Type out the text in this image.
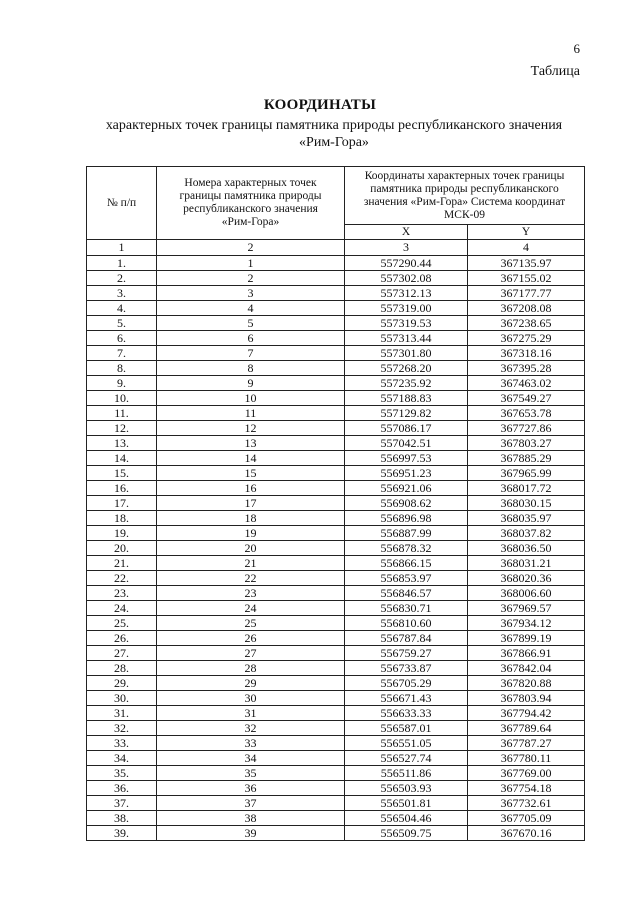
6
Таблица
КООРДИНАТЫ
характерных точек границы памятника природы республиканского значения «Рим-Гора»
№ п/п	Номера характерных точек границы памятника природы республиканского значения «Рим-Гора»	Координаты характерных точек границы памятника природы республиканского значения «Рим-Гора» Система координат МСК-09	
		X	Y
1	2	3	4
1.	1	557290.44	367135.97
2.	2	557302.08	367155.02
3.	3	557312.13	367177.77
4.	4	557319.00	367208.08
5.	5	557319.53	367238.65
6.	6	557313.44	367275.29
7.	7	557301.80	367318.16
8.	8	557268.20	367395.28
9.	9	557235.92	367463.02
10.	10	557188.83	367549.27
11.	11	557129.82	367653.78
12.	12	557086.17	367727.86
13.	13	557042.51	367803.27
14.	14	556997.53	367885.29
15.	15	556951.23	367965.99
16.	16	556921.06	368017.72
17.	17	556908.62	368030.15
18.	18	556896.98	368035.97
19.	19	556887.99	368037.82
20.	20	556878.32	368036.50
21.	21	556866.15	368031.21
22.	22	556853.97	368020.36
23.	23	556846.57	368006.60
24.	24	556830.71	367969.57
25.	25	556810.60	367934.12
26.	26	556787.84	367899.19
27.	27	556759.27	367866.91
28.	28	556733.87	367842.04
29.	29	556705.29	367820.88
30.	30	556671.43	367803.94
31.	31	556633.33	367794.42
32.	32	556587.01	367789.64
33.	33	556551.05	367787.27
34.	34	556527.74	367780.11
35.	35	556511.86	367769.00
36.	36	556503.93	367754.18
37.	37	556501.81	367732.61
38.	38	556504.46	367705.09
39.	39	556509.75	367670.16
